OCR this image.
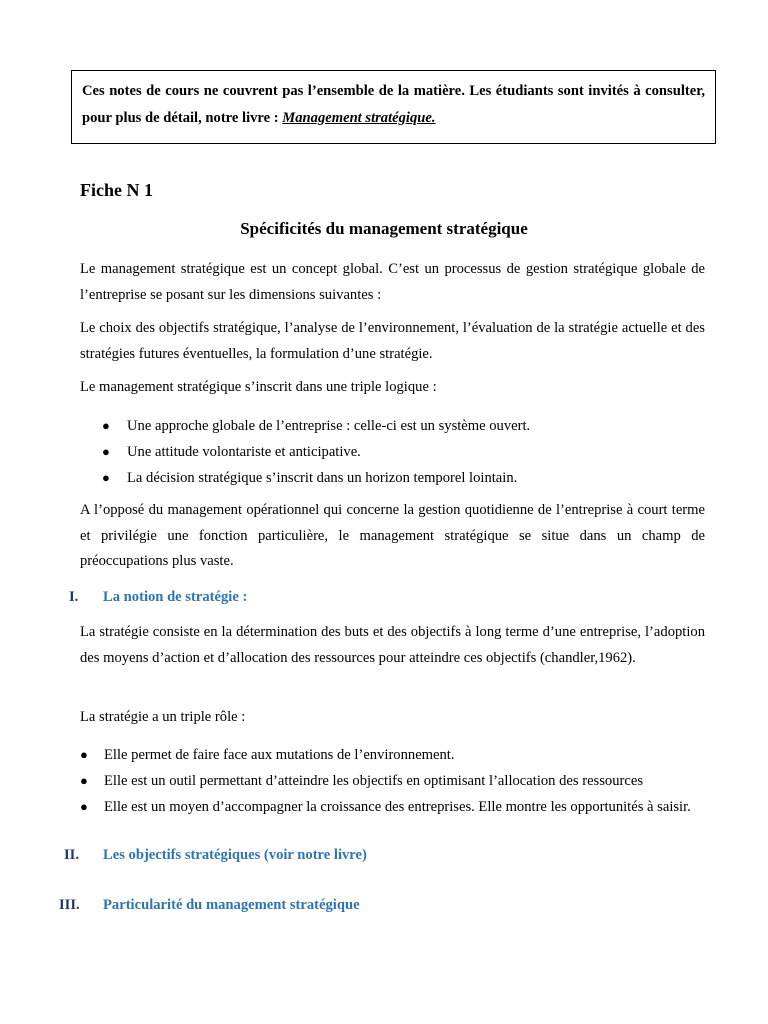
Ces notes de cours ne couvrent pas l’ensemble de la matière. Les étudiants sont invités à consulter, pour plus de détail, notre livre : Management stratégique.
Fiche N 1
Spécificités du management stratégique

Le management stratégique est un concept global. C’est un processus de gestion stratégique globale de l’entreprise se posant sur les dimensions suivantes :

Le choix des objectifs stratégique, l’analyse de l’environnement, l’évaluation de la stratégie actuelle et des stratégies futures éventuelles, la formulation d’une stratégie.

Le management stratégique s’inscrit dans une triple logique :

● Une approche globale de l’entreprise : celle-ci est un système ouvert.
● Une attitude volontariste et anticipative.
● La décision stratégique s’inscrit dans un horizon temporel lointain.

A l’opposé du management opérationnel qui concerne la gestion quotidienne de l’entreprise à court terme et privilégie une fonction particulière, le management stratégique se situe dans un champ de préoccupations plus vaste.

I. La notion de stratégie :

La stratégie consiste en la détermination des buts et des objectifs à long terme d’une entreprise, l’adoption des moyens d’action et d’allocation des ressources pour atteindre ces objectifs (chandler,1962).

La stratégie a un triple rôle :

● Elle permet de faire face aux mutations de l’environnement.
● Elle est un outil permettant d’atteindre les objectifs en optimisant l’allocation des ressources
● Elle est un moyen d’accompagner la croissance des entreprises. Elle montre les opportunités à saisir.
II. Les objectifs stratégiques (voir notre livre)
III. Particularité du management stratégique
